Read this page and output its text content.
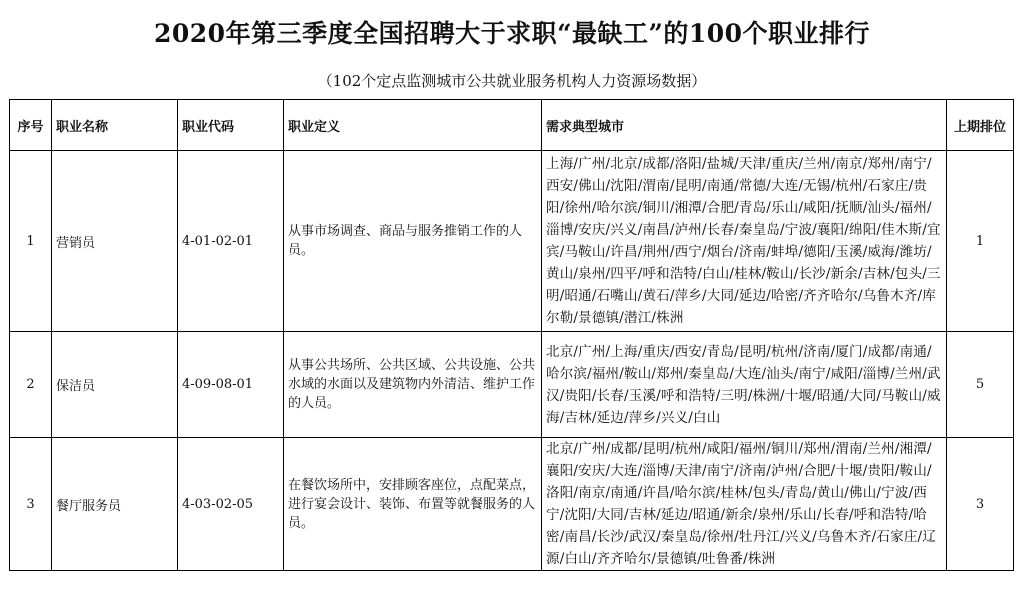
2020年第三季度全国招聘大于求职“最缺工”的100个职业排行
（102个定点监测城市公共就业服务机构人力资源场数据）
序号	职业名称	职业代码	职业定义	需求典型城市	上期排位
1	营销员	4-01-02-01	从事市场调查、商品与服务推销工作的人员。	上海/广州/北京/成都/洛阳/盐城/天津/重庆/兰州/南京/郑州/南宁/西安/佛山/沈阳/渭南/昆明/南通/常德/大连/无锡/杭州/石家庄/贵阳/徐州/哈尔滨/铜川/湘潭/合肥/青岛/乐山/咸阳/抚顺/汕头/福州/淄博/安庆/兴义/南昌/泸州/长春/秦皇岛/宁波/襄阳/绵阳/佳木斯/宜宾/马鞍山/许昌/荆州/西宁/烟台/济南/蚌埠/德阳/玉溪/威海/潍坊/黄山/泉州/四平/呼和浩特/白山/桂林/鞍山/长沙/新余/吉林/包头/三明/昭通/石嘴山/黄石/萍乡/大同/延边/哈密/齐齐哈尔/乌鲁木齐/库尔勒/景德镇/潜江/株洲	1
2	保洁员	4-09-08-01	从事公共场所、公共区域、公共设施、公共水域的水面以及建筑物内外清洁、维护工作的人员。	北京/广州/上海/重庆/西安/青岛/昆明/杭州/济南/厦门/成都/南通/哈尔滨/福州/鞍山/郑州/秦皇岛/大连/汕头/南宁/咸阳/淄博/兰州/武汉/贵阳/长春/玉溪/呼和浩特/三明/株洲/十堰/昭通/大同/马鞍山/威海/吉林/延边/萍乡/兴义/白山	5
3	餐厅服务员	4-03-02-05	在餐饮场所中，安排顾客座位，点配菜点，进行宴会设计、装饰、布置等就餐服务的人员。	北京/广州/成都/昆明/杭州/咸阳/福州/铜川/郑州/渭南/兰州/湘潭/襄阳/安庆/大连/淄博/天津/南宁/济南/泸州/合肥/十堰/贵阳/鞍山/洛阳/南京/南通/许昌/哈尔滨/桂林/包头/青岛/黄山/佛山/宁波/西宁/沈阳/大同/吉林/延边/昭通/新余/泉州/乐山/长春/呼和浩特/哈密/南昌/长沙/武汉/秦皇岛/徐州/牡丹江/兴义/乌鲁木齐/石家庄/辽源/白山/齐齐哈尔/景德镇/吐鲁番/株洲	3
